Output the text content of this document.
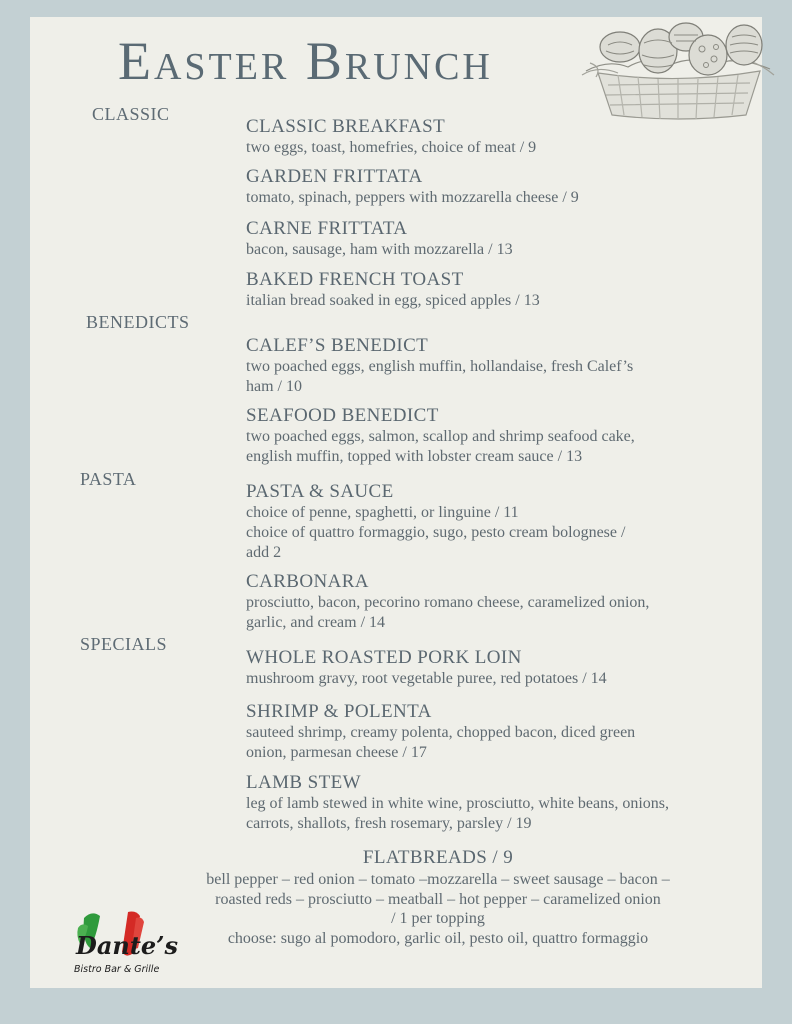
Easter Brunch
CLASSIC
BENEDICTS
PASTA
SPECIALS
CLASSIC BREAKFAST
two eggs, toast, homefries, choice of meat / 9
GARDEN FRITTATA
tomato, spinach, peppers with mozzarella cheese / 9
CARNE FRITTATA
bacon, sausage, ham with mozzarella / 13
BAKED FRENCH TOAST
italian bread soaked in egg, spiced apples / 13
CALEF’S BENEDICT
two poached eggs, english muffin, hollandaise, fresh Calef’s ham / 10
SEAFOOD BENEDICT
two poached eggs, salmon, scallop and shrimp seafood cake, english muffin, topped with lobster cream sauce / 13
PASTA & SAUCE
choice of penne, spaghetti, or linguine / 11
choice of quattro formaggio, sugo, pesto cream bolognese / add 2
CARBONARA
prosciutto, bacon, pecorino romano cheese, caramelized onion, garlic, and cream / 14
WHOLE ROASTED PORK LOIN
mushroom gravy, root vegetable puree, red potatoes / 14
SHRIMP & POLENTA
sauteed shrimp, creamy polenta, chopped bacon, diced green onion, parmesan cheese / 17
LAMB STEW
leg of lamb stewed in white wine, prosciutto, white beans, onions, carrots, shallots, fresh rosemary, parsley / 19
FLATBREADS / 9
bell pepper – red onion – tomato –mozzarella – sweet sausage – bacon –
roasted reds – prosciutto – meatball – hot pepper – caramelized onion
/ 1 per topping
choose: sugo al pomodoro, garlic oil, pesto oil, quattro formaggio
Dante’s
Bistro Bar & Grille
